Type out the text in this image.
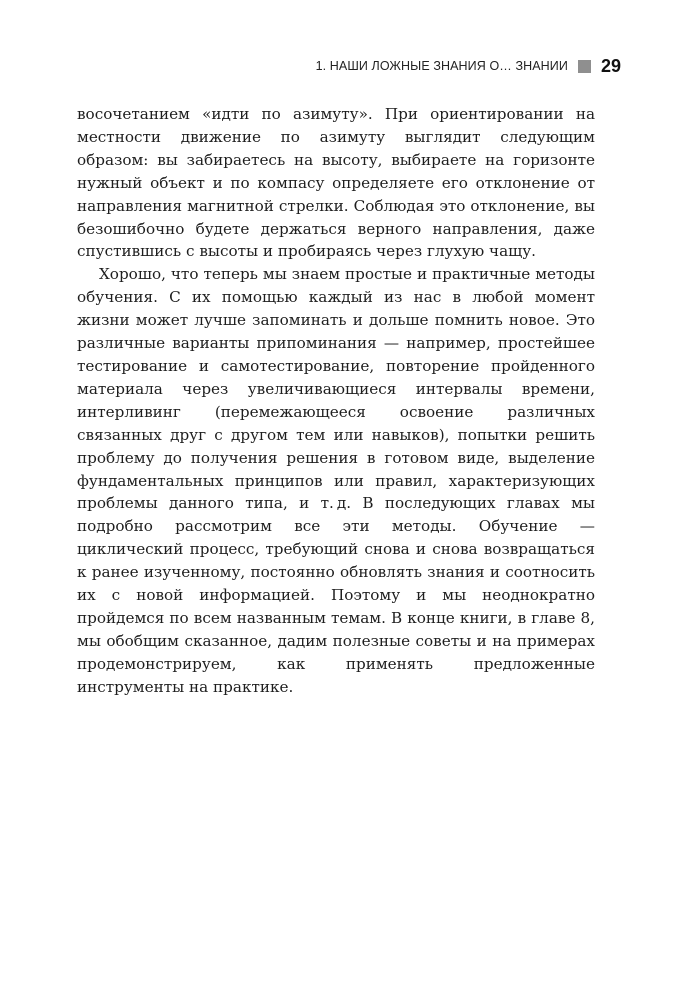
1. НАШИ ЛОЖНЫЕ ЗНАНИЯ О… ЗНАНИИ 29

восочетанием «идти по азимуту». При ориентировании на местности движение по азимуту выглядит следующим образом: вы забираетесь на высоту, выбираете на горизонте нужный объект и по компасу определяете его отклонение от направления магнитной стрелки. Соблюдая это отклонение, вы безошибочно будете держаться верного направления, даже спустившись с высоты и пробираясь через глухую чащу.

Хорошо, что теперь мы знаем простые и практичные методы обучения. С их помощью каждый из нас в любой момент жизни может лучше запоминать и дольше помнить новое. Это различные варианты припоминания — например, простейшее тестирование и самотестирование, повторение пройденного материала через увеличивающиеся интервалы времени, интерливинг (перемежающееся освоение различных связанных друг с другом тем или навыков), попытки решить проблему до получения решения в готовом виде, выделение фундаментальных принципов или правил, характеризующих проблемы данного типа, и т. д. В последующих главах мы подробно рассмотрим все эти методы. Обучение — циклический процесс, требующий снова и снова возвращаться к ранее изученному, постоянно обновлять знания и соотносить их с новой информацией. Поэтому и мы неоднократно пройдемся по всем названным темам. В конце книги, в главе 8, мы обобщим сказанное, дадим полезные советы и на примерах продемонстрируем, как применять предложенные инструменты на практике.
